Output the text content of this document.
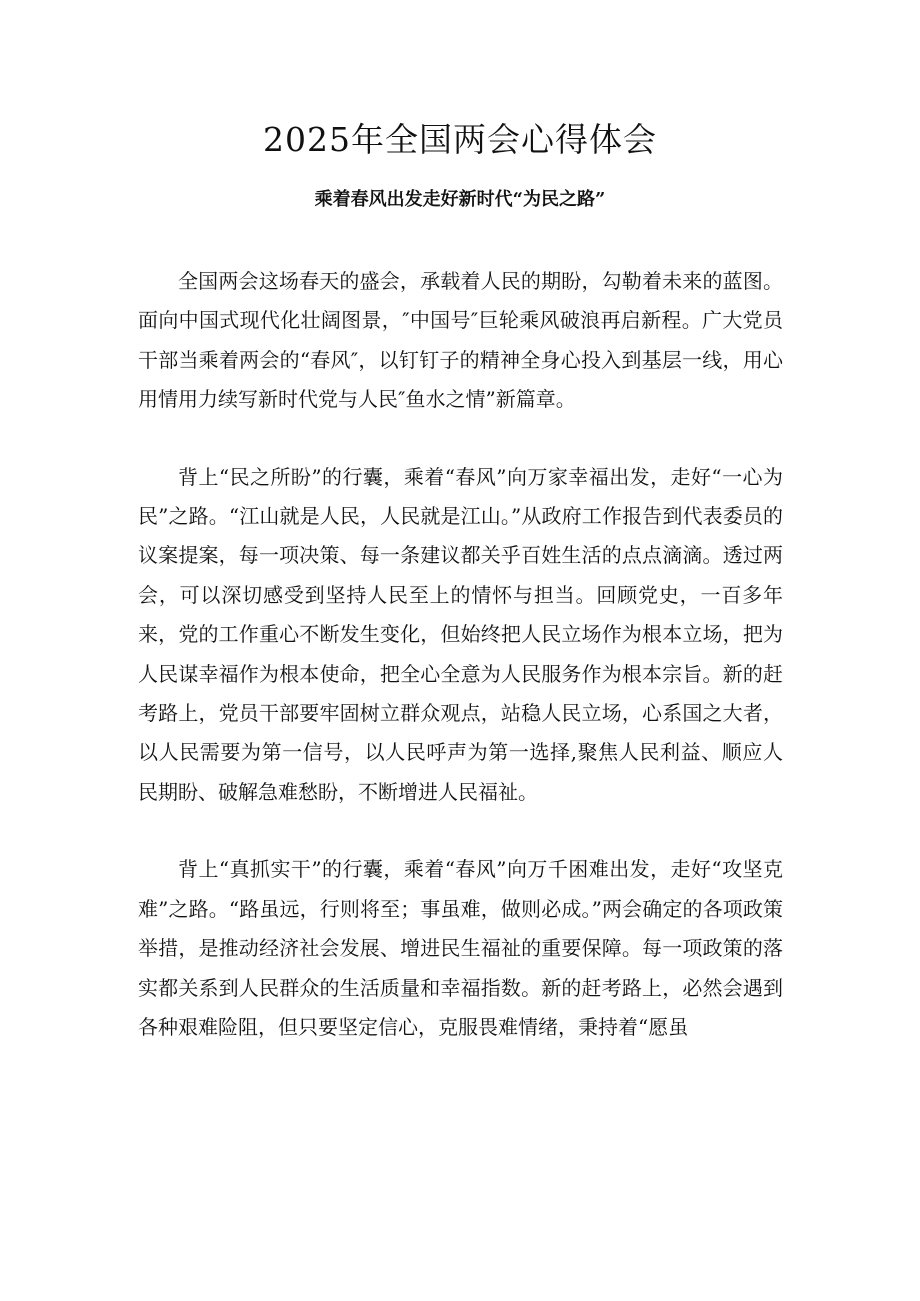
2025年全国两会心得体会
乘着春风出发走好新时代“为民之路”

全国两会这场春天的盛会，承载着人民的期盼，勾勒着未来的蓝图。面向中国式现代化壮阔图景，″中国号″巨轮乘风破浪再启新程。广大党员干部当乘着两会的“春风″，以钉钉子的精神全身心投入到基层一线，用心用情用力续写新时代党与人民″鱼水之情”新篇章。

背上“民之所盼”的行囊，乘着“春风”向万家幸福出发，走好“一心为民”之路。“江山就是人民，人民就是江山。”从政府工作报告到代表委员的议案提案，每一项决策、每一条建议都关乎百姓生活的点点滴滴。透过两会，可以深切感受到坚持人民至上的情怀与担当。回顾党史，一百多年来，党的工作重心不断发生变化，但始终把人民立场作为根本立场，把为人民谋幸福作为根本使命，把全心全意为人民服务作为根本宗旨。新的赶考路上，党员干部要牢固树立群众观点，站稳人民立场，心系国之大者，以人民需要为第一信号，以人民呼声为第一选择,聚焦人民利益、顺应人民期盼、破解急难愁盼，不断增进人民福祉。

背上“真抓实干”的行囊，乘着“春风”向万千困难出发，走好“攻坚克难”之路。“路虽远，行则将至；事虽难，做则必成。”两会确定的各项政策举措，是推动经济社会发展、增进民生福祉的重要保障。每一项政策的落实都关系到人民群众的生活质量和幸福指数。新的赶考路上，必然会遇到各种艰难险阻，但只要坚定信心，克服畏难情绪，秉持着“愿虽
